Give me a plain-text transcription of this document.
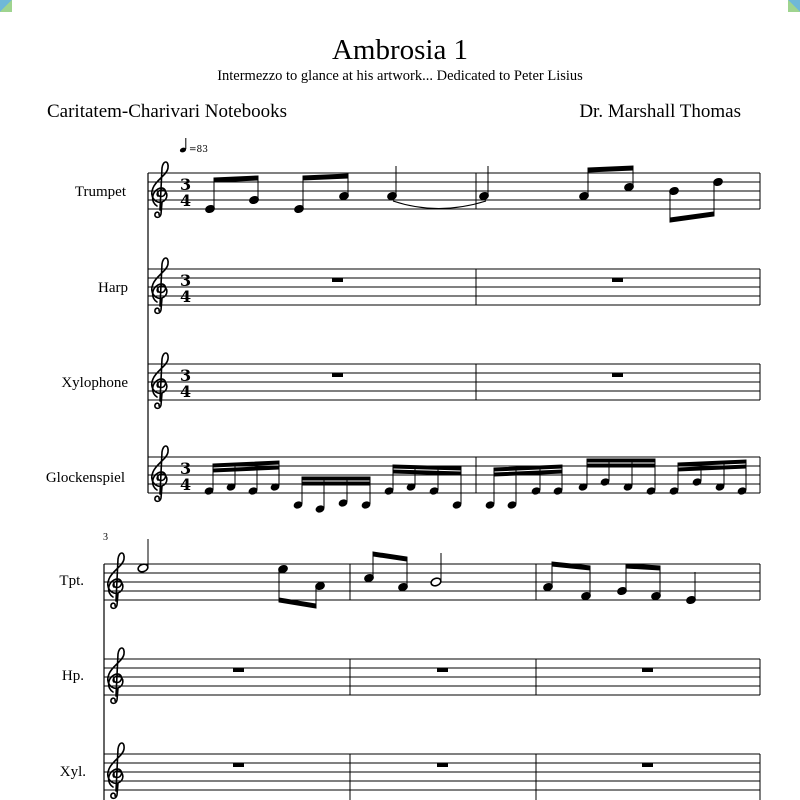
Ambrosia 1
Intermezzo to glance at his artwork... Dedicated to Peter Lisius
Caritatem-Charivari Notebooks	Dr. Marshall Thomas
=83
3
4
Trumpet
3
4
Harp
3
4
Xylophone
3
4
Glockenspiel
3
Tpt.
Hp.
Xyl.
